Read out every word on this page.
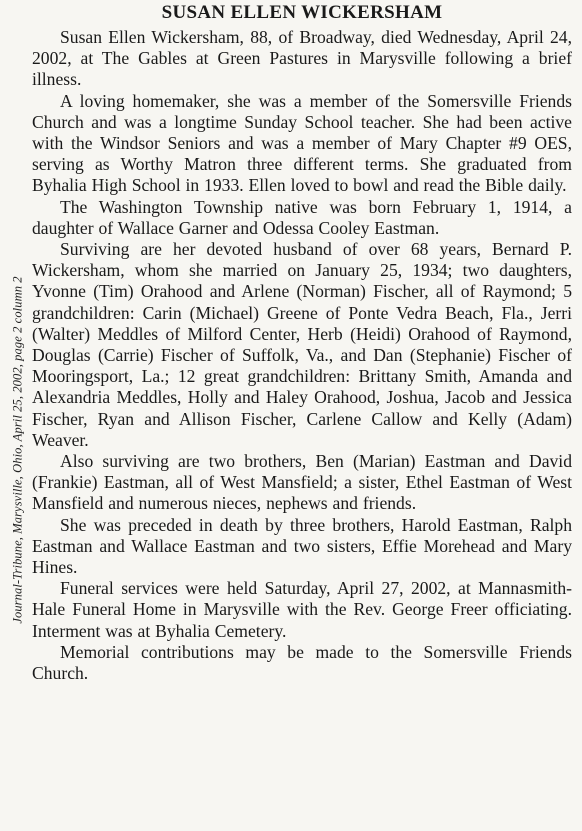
Journal-Tribune, Marysville, Ohio, April 25, 2002, page 2 column 2
SUSAN ELLEN WICKERSHAM

Susan Ellen Wickersham, 88, of Broadway, died Wednesday, April 24, 2002, at The Gables at Green Pastures in Marysville following a brief illness.

A loving homemaker, she was a member of the Somersville Friends Church and was a longtime Sunday School teacher. She had been active with the Windsor Seniors and was a member of Mary Chapter #9 OES, serving as Worthy Matron three different terms. She graduated from Byhalia High School in 1933. Ellen loved to bowl and read the Bible daily.

The Washington Township native was born February 1, 1914, a daughter of Wallace Garner and Odessa Cooley Eastman.

Surviving are her devoted husband of over 68 years, Bernard P. Wickersham, whom she married on January 25, 1934; two daughters, Yvonne (Tim) Orahood and Arlene (Norman) Fischer, all of Raymond; 5 grandchildren: Carin (Michael) Greene of Ponte Vedra Beach, Fla., Jerri (Walter) Meddles of Milford Center, Herb (Heidi) Orahood of Raymond, Douglas (Carrie) Fischer of Suffolk, Va., and Dan (Stephanie) Fischer of Mooringsport, La.; 12 great grandchildren: Brittany Smith, Amanda and Alexandria Meddles, Holly and Haley Orahood, Joshua, Jacob and Jessica Fischer, Ryan and Allison Fischer, Carlene Callow and Kelly (Adam) Weaver.

Also surviving are two brothers, Ben (Marian) Eastman and David (Frankie) Eastman, all of West Mansfield; a sister, Ethel Eastman of West Mansfield and numerous nieces, nephews and friends.

She was preceded in death by three brothers, Harold Eastman, Ralph Eastman and Wallace Eastman and two sisters, Effie Morehead and Mary Hines.

Funeral services were held Saturday, April 27, 2002, at Mannasmith-Hale Funeral Home in Marysville with the Rev. George Freer officiating. Interment was at Byhalia Cemetery.

Memorial contributions may be made to the Somersville Friends Church.
